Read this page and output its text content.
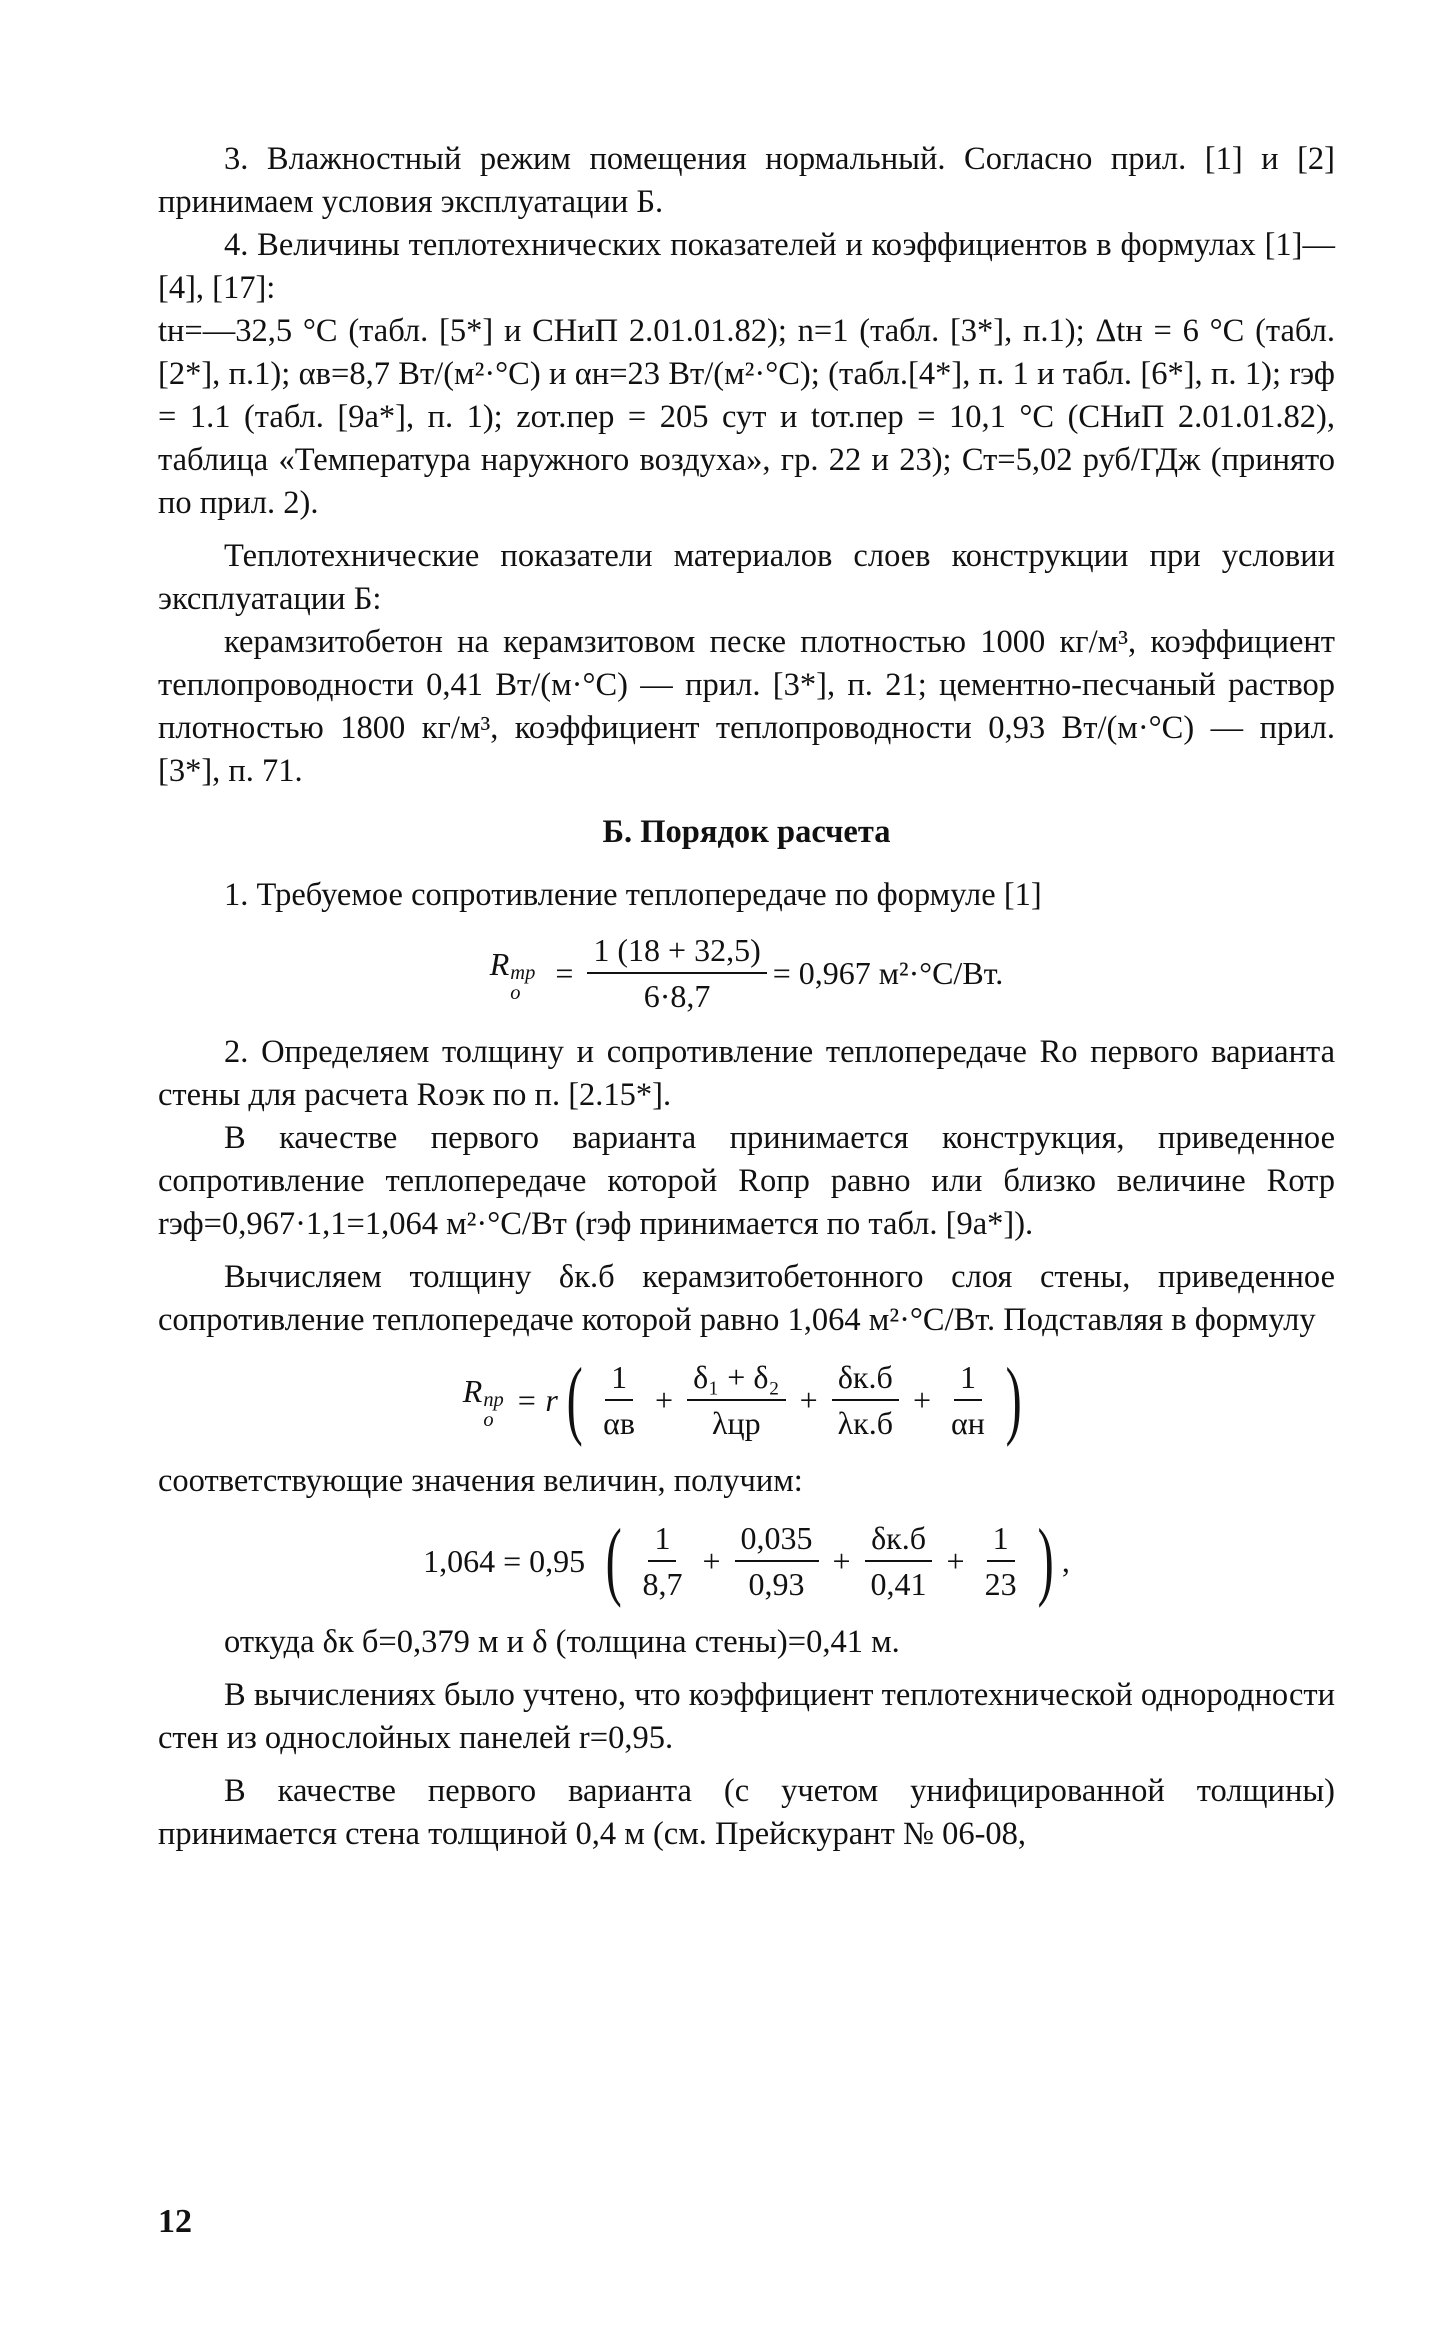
3. Влажностный режим помещения нормальный. Согласно прил. [1] и [2] принимаем условия эксплуатации Б.

4. Величины теплотехнических показателей и коэффициентов в формулах [1]—[4], [17]:

tн=—32,5 °С (табл. [5*] и СНиП 2.01.01.82); n=1 (табл. [3*], п.1); Δtн = 6 °С (табл. [2*], п.1); αв=8,7 Вт/(м²·°С) и αн=23 Вт/(м²·°С); (табл.[4*], п. 1 и табл. [6*], п. 1); rэф = 1.1 (табл. [9а*], п. 1); zот.пер = 205 сут и tот.пер = 10,1 °С (СНиП 2.01.01.82), таблица «Температура наружного воздуха», гр. 22 и 23); Ст=5,02 руб/ГДж (принято по прил. 2).

Теплотехнические показатели материалов слоев конструкции при условии эксплуатации Б:

керамзитобетон на керамзитовом песке плотностью 1000 кг/м³, коэффициент теплопроводности 0,41 Вт/(м·°С) — прил. [3*], п. 21; цементно-песчаный раствор плотностью 1800 кг/м³, коэффициент теплопроводности 0,93 Вт/(м·°С) — прил. [3*], п. 71.

Б. Порядок расчета

1. Требуемое сопротивление теплопередаче по формуле [1]

R тр
о
= $\frac{1 (18 + 32,5)}{6\cdot 8,7} = 0,967$ м²·°С/Вт.

2. Определяем толщину и сопротивление теплопередаче Rо первого варианта стены для расчета Rоэк по п. [2.15*].

В качестве первого варианта принимается конструкция, приведенное сопротивление теплопередаче которой Rопр равно или близко величине Rотр rэф=0,967·1,1=1,064 м²·°С/Вт (rэф принимается по табл. [9а*]).

Вычисляем толщину δк.б керамзитобетонного слоя стены, приведенное сопротивление теплопередаче которой равно 1,064 м²·°С/Вт. Подставляя в формулу

R пр
о
= r ( $\frac{1}{\alpha в} + \frac{\text{δ₁ + δ₂}}{\text{λцр}} + \frac{\delta к.б}{\lambda к.б} + \frac{1}{\alpha н}$ )

соответствующие значения величин, получим:

1,064 = 0,95 ( $\frac{1}{8,7} + \frac{0,035}{0,93} + \frac{\delta к.б}{0,41} + \frac{1}{23}$ ) ,

откуда δк б=0,379 м и δ (толщина стены)=0,41 м.

В вычислениях было учтено, что коэффициент теплотехнической однородности стен из однослойных панелей r=0,95.

В качестве первого варианта (с учетом унифицированной толщины) принимается стена толщиной 0,4 м (см. Прейскурант № 06-08,

12
